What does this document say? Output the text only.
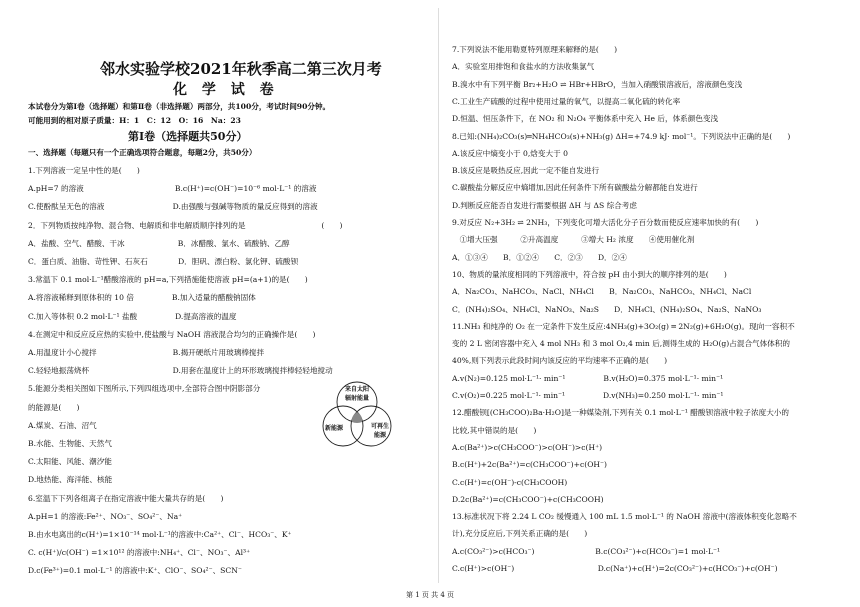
邻水实验学校2021年秋季高二第三次月考
化 学 试 卷
本试卷分为第Ⅰ卷（选择题）和第Ⅱ卷（非选择题）两部分，共100分，考试时间90分钟。
可能用到的相对原子质量：H：1　C：12　O：16　Na：23
第Ⅰ卷（选择题共50分）
一、选择题（每题只有一个正确选项符合题意，每题2分，共50分）
1.下列溶液一定呈中性的是(　　)
A.pH=7 的溶液　　　　　　　　　　　　B.c(H⁺)=c(OH⁻)=10⁻⁶ mol·L⁻¹ 的溶液
C.使酚酞呈无色的溶液　　　　　　　　　D.由强酸与强碱等物质的量反应得到的溶液
2．下列物质按纯净物、混合物、电解质和非电解质顺序排列的是　　　　　　　　　　(　　)
A．盐酸、空气、醋酸、干冰　　　　　　　B．冰醋酸、氯水、硫酸钠、乙醇
C．蛋白质、油脂、苛性钾、石灰石　　　　D．胆矾、漂白粉、氯化钾、硫酸钡
3.常温下 0.1 mol·L⁻¹醋酸溶液的 pH=a,下列措施能使溶液 pH=(a+1)的是(　　)
A.将溶液稀释到原体积的 10 倍　　　　　B.加入适量的醋酸钠固体
C.加入等体积 0.2 mol·L⁻¹ 盐酸　　　　　D.提高溶液的温度
4.在测定中和反应反应热的实验中,使盐酸与 NaOH 溶液混合均匀的正确操作是(　　)
A.用温度计小心搅拌　　　　　　　　　　B.揭开硬纸片用玻璃棒搅拌
C.轻轻地振荡烧杯　　　　　　　　　　　D.用套在温度计上的环形玻璃搅拌棒轻轻地搅动
5.能源分类相关图如下图所示,下列四组选项中,全部符合图中阴影部分
的能源是(　　)
A.煤炭、石油、沼气
B.水能、生物能、天然气
C.太阳能、风能、潮汐能
D.地热能、海洋能、核能
6.室温下下列各组离子在指定溶液中能大量共存的是(　　)
A.pH=1 的溶液:Fe²⁺、NO₃⁻、SO₄²⁻、Na⁺
B.由水电离出的c(H⁺)=1×10⁻¹⁴ mol·L⁻¹的溶液中:Ca²⁺、Cl⁻、HCO₃⁻、K⁺
C. c(H⁺)/c(OH⁻) =1×10¹² 的溶液中:NH₄⁺、Cl⁻、NO₃⁻、Al³⁺
D.c(Fe³⁺)=0.1 mol·L⁻¹ 的溶液中:K⁺、ClO⁻、SO₄²⁻、SCN⁻
来自太阳辐射能量
新能源	可再生能源
7.下列说法不能用勒夏特列原理来解释的是(　　)
A．实验室用排饱和食盐水的方法收集氯气
B.溴水中有下列平衡 Br₂+H₂O ⇌ HBr+HBrO，当加入硝酸银溶液后，溶液颜色变浅
C.工业生产硫酸的过程中使用过量的氧气，以提高二氧化硫的转化率
D.恒温、恒压条件下，在 NO₂ 和 N₂O₄ 平衡体系中充入 He 后，体系颜色变浅
8.已知:(NH₄)₂CO₃(s)═NH₄HCO₃(s)+NH₃(g) ΔH=+74.9 kJ· mol⁻¹。下列说法中正确的是(　　)
A.该反应中熵变小于 0,焓变大于 0
B.该反应是吸热反应,因此一定不能自发进行
C.碳酸盐分解反应中熵增加,因此任何条件下所有碳酸盐分解都能自发进行
D.判断反应能否自发进行需要根据 ΔH 与 ΔS 综合考虑
9.对反应 N₂+3H₂ ⇌ 2NH₃，下列变化可增大活化分子百分数而使反应速率加快的有(　　)
　①增大压强　　　②升高温度　　　③增大 H₂ 浓度　　④使用催化剂
A．①③④　　B．①②④　　C．②③　　D．②④
10、物质的量浓度相同的下列溶液中，符合按 pH 由小到大的顺序排列的是(　　)
A．Na₂CO₃、NaHCO₃、NaCl、NH₄Cl　　B．Na₂CO₃、NaHCO₃、NH₄Cl、NaCl
C．(NH₄)₂SO₄、NH₄Cl、NaNO₃、Na₂S　　D．NH₄Cl、(NH₄)₂SO₄、Na₂S、NaNO₃
11.NH₃ 和纯净的 O₂ 在一定条件下发生反应:4NH₃(g)+3O₂(g) ═ 2N₂(g)+6H₂O(g)。现向一容积不
变的 2 L 密闭容器中充入 4 mol NH₃ 和 3 mol O₂,4 min 后,测得生成的 H₂O(g)占混合气体体积的
40%,则下列表示此段时间内该反应的平均速率不正确的是(　　)
A.v(N₂)=0.125 mol·L⁻¹· min⁻¹　　　　　B.v(H₂O)=0.375 mol·L⁻¹· min⁻¹
C.v(O₂)=0.225 mol·L⁻¹· min⁻¹　　　　　D.v(NH₃)=0.250 mol·L⁻¹· min⁻¹
12.醋酸钡[(CH₃COO)₂Ba·H₂O]是一种媒染剂,下列有关 0.1 mol·L⁻¹ 醋酸钡溶液中粒子浓度大小的
比较,其中错误的是(　　)
A.c(Ba²⁺)>c(CH₃COO⁻)>c(OH⁻)>c(H⁺)
B.c(H⁺)+2c(Ba²⁺)=c(CH₃COO⁻)+c(OH⁻)
C.c(H⁺)=c(OH⁻)-c(CH₃COOH)
D.2c(Ba²⁺)=c(CH₃COO⁻)+c(CH₃COOH)
13.标准状况下将 2.24 L CO₂ 缓慢通入 100 mL 1.5 mol·L⁻¹ 的 NaOH 溶液中(溶液体积变化忽略不
计),充分反应后,下列关系正确的是(　　)
A.c(CO₃²⁻)>c(HCO₃⁻)　　　　　　　　B.c(CO₃²⁻)+c(HCO₃⁻)=1 mol·L⁻¹
C.c(H⁺)>c(OH⁻)　　　　　　　　　　　D.c(Na⁺)+c(H⁺)=2c(CO₃²⁻)+c(HCO₃⁻)+c(OH⁻)
第 1 页 共 4 页
